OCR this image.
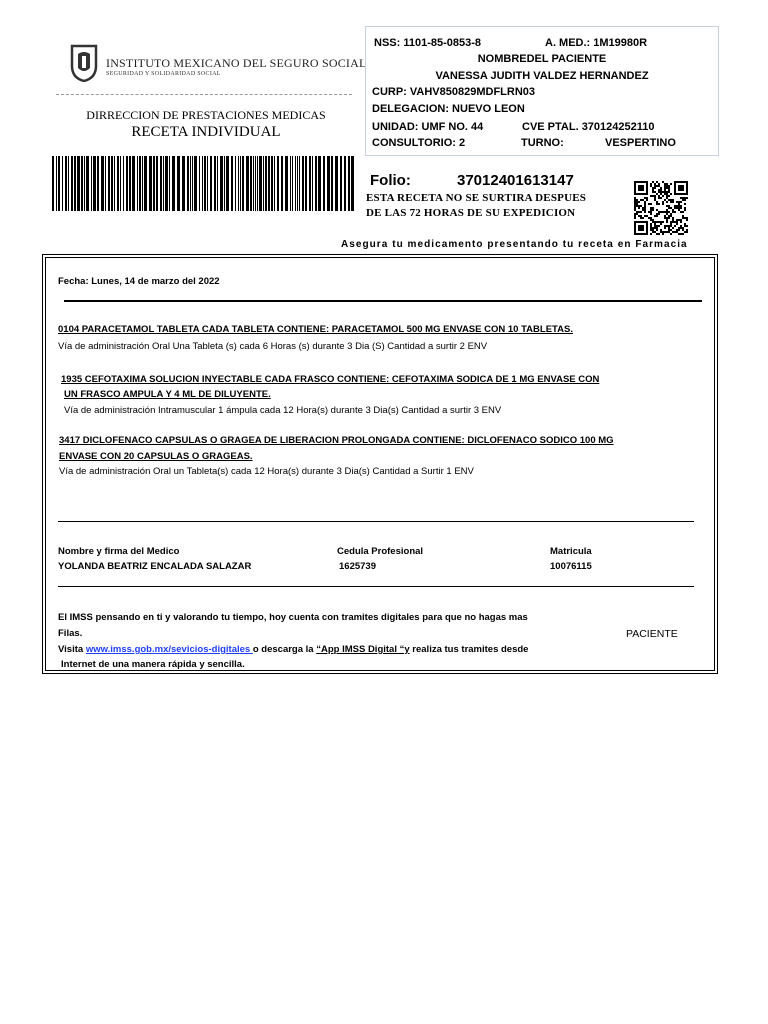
INSTITUTO MEXICANO DEL SEGURO SOCIAL
SEGURIDAD Y SOLIDARIDAD SOCIAL
DIRRECCION DE PRESTACIONES MEDICAS
RECETA INDIVIDUAL
NSS: 1101-85-0853-8	A. MED.: 1M19980R
NOMBREDEL PACIENTE
VANESSA JUDITH VALDEZ HERNANDEZ
CURP: VAHV850829MDFLRN03
DELEGACION: NUEVO LEON
UNIDAD: UMF NO. 44	CVE PTAL. 370124252110
CONSULTORIO: 2	TURNO:	VESPERTINO
Folio:	37012401613147
ESTA RECETA NO SE SURTIRA DESPUES
DE LAS 72 HORAS DE SU EXPEDICION
Asegura tu medicamento presentando tu receta en Farmacia
Fecha: Lunes, 14 de marzo del 2022
0104 PARACETAMOL TABLETA CADA TABLETA CONTIENE: PARACETAMOL 500 MG ENVASE CON 10 TABLETAS.
Vía de administración Oral Una Tableta (s) cada 6 Horas (s) durante 3 Dia (S) Cantidad a surtir 2 ENV
1935 CEFOTAXIMA SOLUCION INYECTABLE CADA FRASCO CONTIENE: CEFOTAXIMA SODICA DE 1 MG ENVASE CON
UN FRASCO AMPULA Y 4 ML DE DILUYENTE.
Vía de administración Intramuscular 1 ámpula cada 12 Hora(s) durante 3 Dia(s) Cantidad a surtir 3 ENV
3417 DICLOFENACO CAPSULAS O GRAGEA DE LIBERACION PROLONGADA CONTIENE: DICLOFENACO SODICO 100 MG
ENVASE CON 20 CAPSULAS O GRAGEAS.
Vía de administración Oral un Tableta(s) cada 12 Hora(s) durante 3 Dia(s) Cantidad a Surtir 1 ENV
Nombre y firma del Medico	Cedula Profesional	Matricula
YOLANDA BEATRIZ ENCALADA SALAZAR	1625739	10076115
El IMSS pensando en ti y valorando tu tiempo, hoy cuenta con tramites digitales para que no hagas mas
Filas.
Visita www.imss.gob.mx/sevicios-digitales o descarga la “App IMSS Digital “y realiza tus tramites desde
Internet de una manera rápida y sencilla.
PACIENTE
